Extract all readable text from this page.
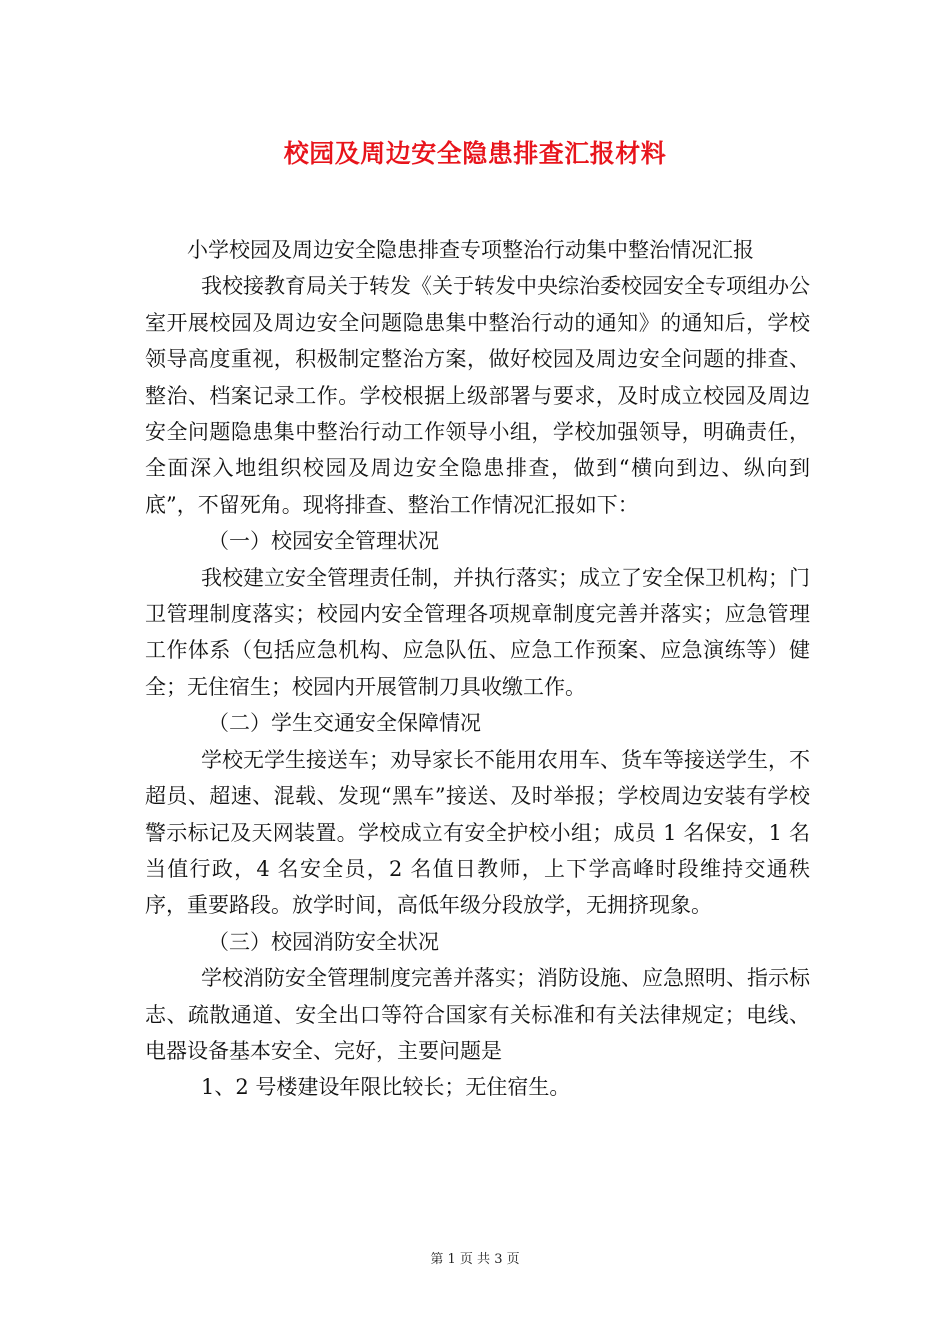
校园及周边安全隐患排查汇报材料

小学校园及周边安全隐患排查专项整治行动集中整治情况汇报

我校接教育局关于转发《关于转发中央综治委校园安全专项组办公室开展校园及周边安全问题隐患集中整治行动的通知》的通知后，学校领导高度重视，积极制定整治方案，做好校园及周边安全问题的排查、整治、档案记录工作。学校根据上级部署与要求，及时成立校园及周边安全问题隐患集中整治行动工作领导小组，学校加强领导，明确责任，全面深入地组织校园及周边安全隐患排查，做到“横向到边、纵向到底”，不留死角。现将排查、整治工作情况汇报如下：

（一）校园安全管理状况

我校建立安全管理责任制，并执行落实；成立了安全保卫机构；门卫管理制度落实；校园内安全管理各项规章制度完善并落实；应急管理工作体系（包括应急机构、应急队伍、应急工作预案、应急演练等）健全；无住宿生；校园内开展管制刀具收缴工作。

（二）学生交通安全保障情况

学校无学生接送车；劝导家长不能用农用车、货车等接送学生，不超员、超速、混载、发现“黑车”接送、及时举报；学校周边安装有学校警示标记及天网装置。学校成立有安全护校小组；成员 1 名保安，1 名当值行政，4 名安全员，2 名值日教师，上下学高峰时段维持交通秩序，重要路段。放学时间，高低年级分段放学，无拥挤现象。

（三）校园消防安全状况

学校消防安全管理制度完善并落实；消防设施、应急照明、指示标志、疏散通道、安全出口等符合国家有关标准和有关法律规定；电线、电器设备基本安全、完好，主要问题是

1、2 号楼建设年限比较长；无住宿生。

第 1 页 共 3 页
